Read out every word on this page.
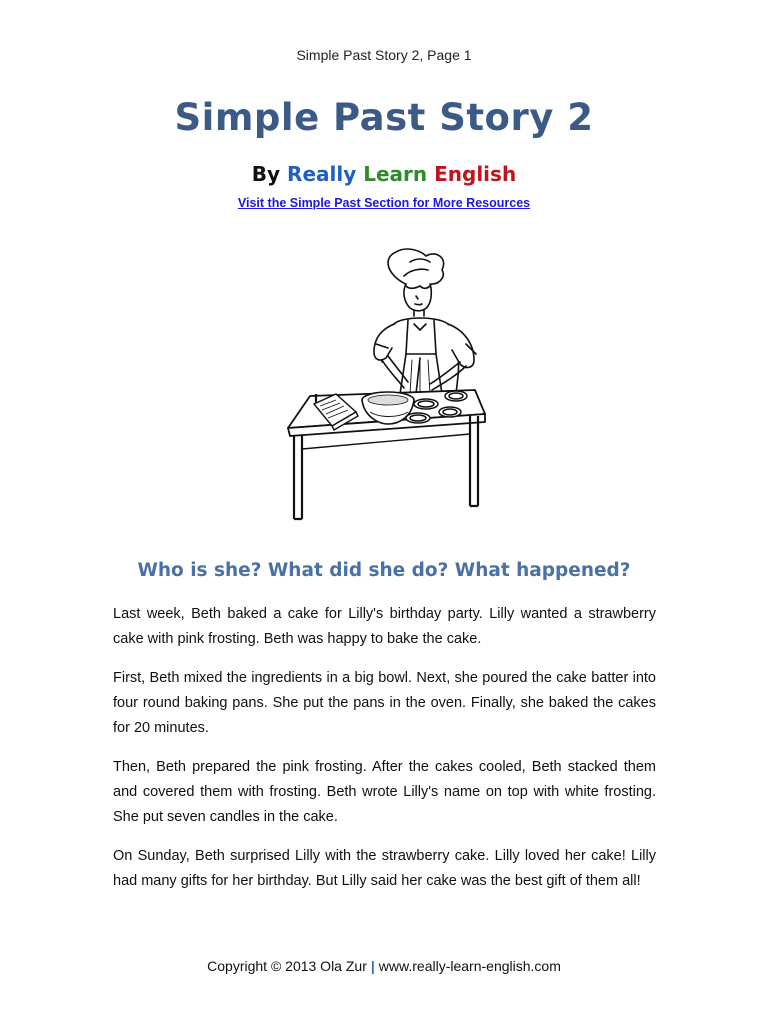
Simple Past Story 2, Page 1
Simple Past Story 2
By Really Learn English
Visit the Simple Past Section for More Resources
Who is she? What did she do? What happened?

Last week, Beth baked a cake for Lilly's birthday party. Lilly wanted a strawberry cake with pink frosting. Beth was happy to bake the cake.

First, Beth mixed the ingredients in a big bowl. Next, she poured the cake batter into four round baking pans. She put the pans in the oven. Finally, she baked the cakes for 20 minutes.

Then, Beth prepared the pink frosting. After the cakes cooled, Beth stacked them and covered them with frosting. Beth wrote Lilly's name on top with white frosting. She put seven candles in the cake.

On Sunday, Beth surprised Lilly with the strawberry cake. Lilly loved her cake! Lilly had many gifts for her birthday. But Lilly said her cake was the best gift of them all!

Copyright © 2013 Ola Zur | www.really-learn-english.com
